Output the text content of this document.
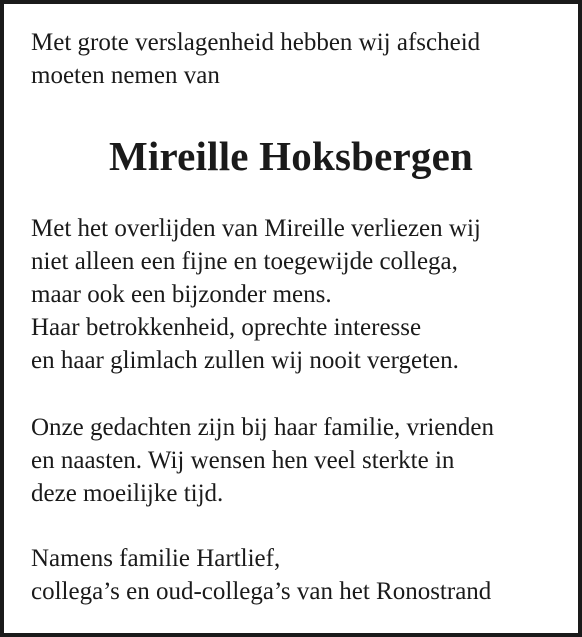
Met grote verslagenheid hebben wij afscheid
moeten nemen van
Mireille Hoksbergen
Met het overlijden van Mireille verliezen wij
niet alleen een fijne en toegewijde collega,
maar ook een bijzonder mens.
Haar betrokkenheid, oprechte interesse
en haar glimlach zullen wij nooit vergeten.
Onze gedachten zijn bij haar familie, vrienden
en naasten. Wij wensen hen veel sterkte in
deze moeilijke tijd.
Namens familie Hartlief,
collega’s en oud-collega’s van het Ronostrand
